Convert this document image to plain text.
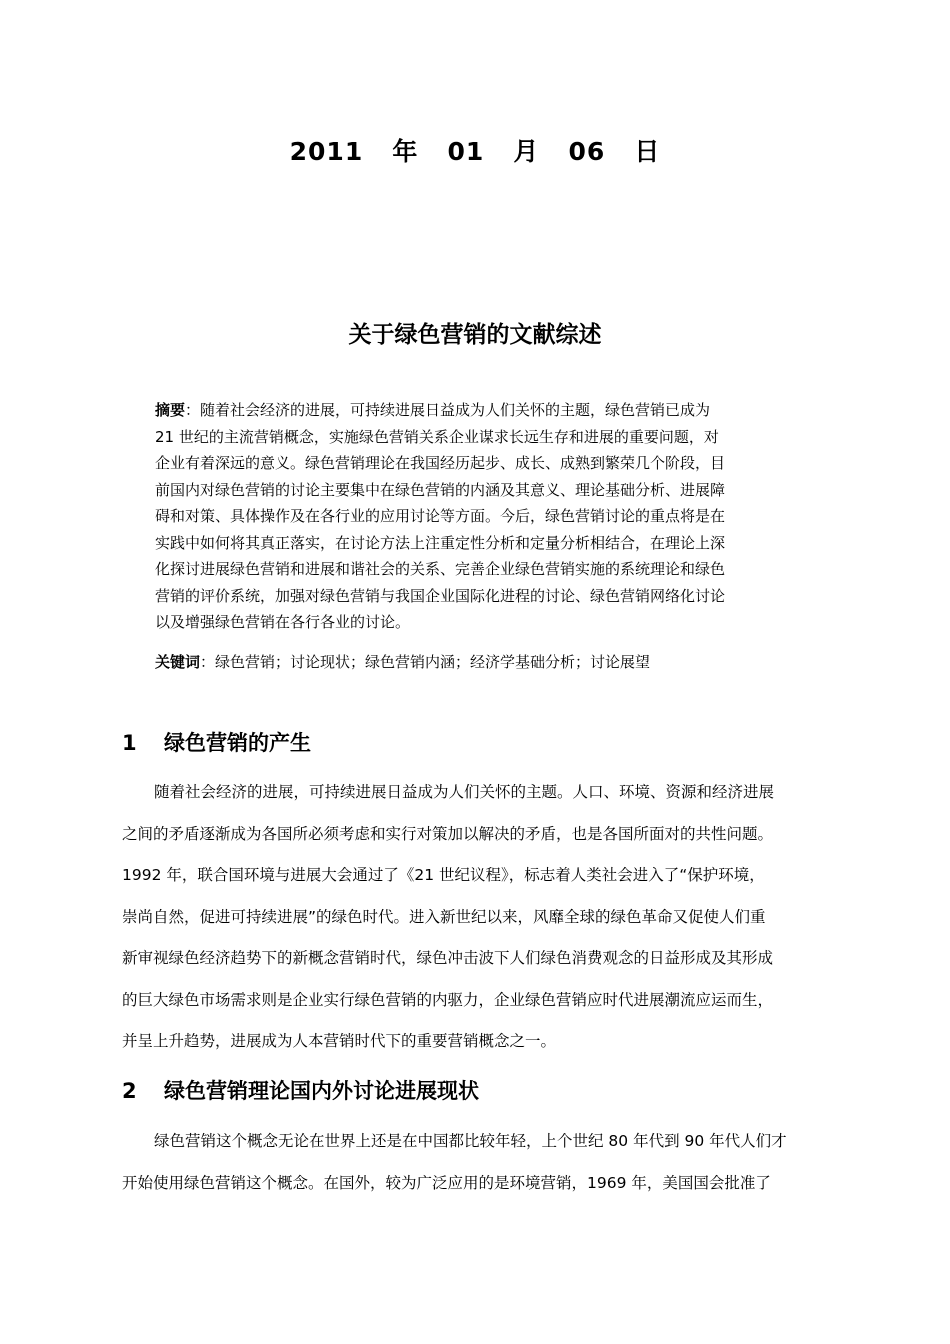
2011   年   01   月   06   日
关于绿色营销的文献综述
摘要：随着社会经济的进展，可持续进展日益成为人们关怀的主题，绿色营销已成为
21 世纪的主流营销概念，实施绿色营销关系企业谋求长远生存和进展的重要问题，对
企业有着深远的意义。绿色营销理论在我国经历起步、成长、成熟到繁荣几个阶段，目
前国内对绿色营销的讨论主要集中在绿色营销的内涵及其意义、理论基础分析、进展障
碍和对策、具体操作及在各行业的应用讨论等方面。今后，绿色营销讨论的重点将是在
实践中如何将其真正落实，在讨论方法上注重定性分析和定量分析相结合，在理论上深
化探讨进展绿色营销和进展和谐社会的关系、完善企业绿色营销实施的系统理论和绿色
营销的评价系统，加强对绿色营销与我国企业国际化进程的讨论、绿色营销网络化讨论
以及增强绿色营销在各行各业的讨论。
关键词：绿色营销；讨论现状；绿色营销内涵；经济学基础分析；讨论展望
1 绿色营销的产生
随着社会经济的进展，可持续进展日益成为人们关怀的主题。人口、环境、资源和经济进展
之间的矛盾逐渐成为各国所必须考虑和实行对策加以解决的矛盾，也是各国所面对的共性问题。
1992 年，联合国环境与进展大会通过了《21 世纪议程》，标志着人类社会进入了“保护环境，
崇尚自然，促进可持续进展”的绿色时代。进入新世纪以来，风靡全球的绿色革命又促使人们重
新审视绿色经济趋势下的新概念营销时代，绿色冲击波下人们绿色消费观念的日益形成及其形成
的巨大绿色市场需求则是企业实行绿色营销的内驱力，企业绿色营销应时代进展潮流应运而生，
并呈上升趋势，进展成为人本营销时代下的重要营销概念之一。
2 绿色营销理论国内外讨论进展现状
绿色营销这个概念无论在世界上还是在中国都比较年轻，上个世纪 80 年代到 90 年代人们才
开始使用绿色营销这个概念。在国外，较为广泛应用的是环境营销，1969 年，美国国会批准了
